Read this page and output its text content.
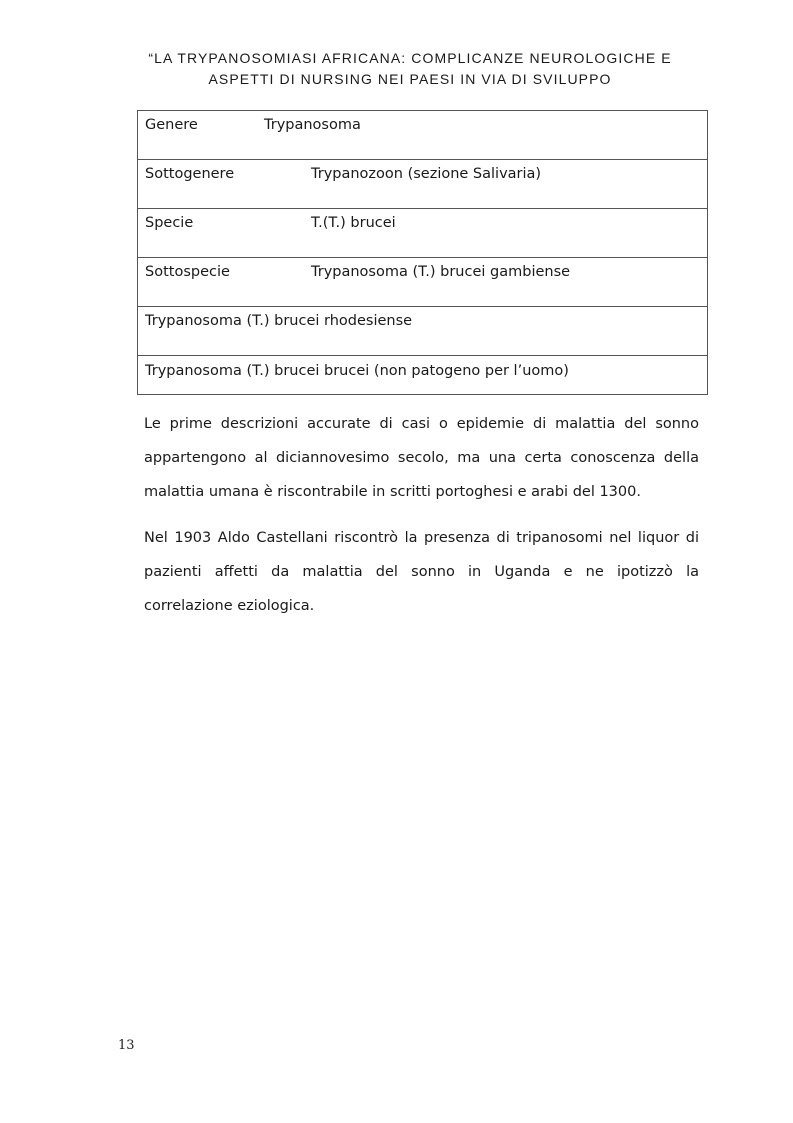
“LA TRYPANOSOMIASI AFRICANA: COMPLICANZE NEUROLOGICHE E
ASPETTI DI NURSING NEI PAESI IN VIA DI SVILUPPO
Genere	Trypanosoma
Sottogenere	Trypanozoon (sezione Salivaria)
Specie	T.(T.) brucei
Sottospecie	Trypanosoma (T.) brucei gambiense
Trypanosoma (T.) brucei rhodesiense
Trypanosoma (T.) brucei brucei (non patogeno per l’uomo)
Le prime descrizioni accurate di casi o epidemie di malattia del sonno
appartengono al diciannovesimo secolo, ma una certa conoscenza della
malattia umana è riscontrabile in scritti portoghesi e arabi del 1300.
Nel 1903 Aldo Castellani riscontrò la presenza di tripanosomi nel liquor di
pazienti affetti da malattia del sonno in Uganda e ne ipotizzò la
correlazione eziologica.
13
